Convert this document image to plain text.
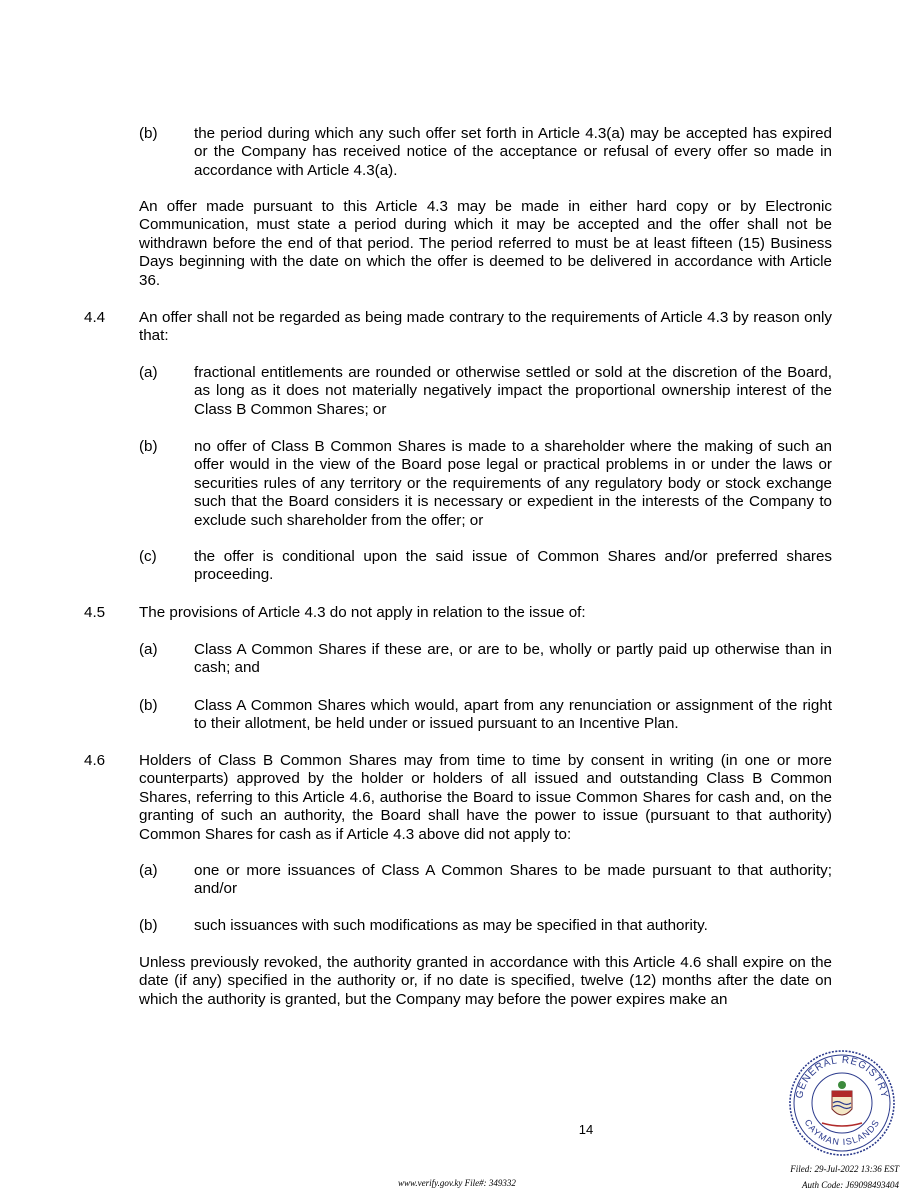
(b) the period during which any such offer set forth in Article 4.3(a) may be accepted has expired or the Company has received notice of the acceptance or refusal of every offer so made in accordance with Article 4.3(a).

An offer made pursuant to this Article 4.3 may be made in either hard copy or by Electronic Communication, must state a period during which it may be accepted and the offer shall not be withdrawn before the end of that period. The period referred to must be at least fifteen (15) Business Days beginning with the date on which the offer is deemed to be delivered in accordance with Article 36.

4.4 An offer shall not be regarded as being made contrary to the requirements of Article 4.3 by reason only that:

(a) fractional entitlements are rounded or otherwise settled or sold at the discretion of the Board, as long as it does not materially negatively impact the proportional ownership interest of the Class B Common Shares; or

(b) no offer of Class B Common Shares is made to a shareholder where the making of such an offer would in the view of the Board pose legal or practical problems in or under the laws or securities rules of any territory or the requirements of any regulatory body or stock exchange such that the Board considers it is necessary or expedient in the interests of the Company to exclude such shareholder from the offer; or

(c) the offer is conditional upon the said issue of Common Shares and/or preferred shares proceeding.

4.5 The provisions of Article 4.3 do not apply in relation to the issue of:

(a) Class A Common Shares if these are, or are to be, wholly or partly paid up otherwise than in cash; and

(b) Class A Common Shares which would, apart from any renunciation or assignment of the right to their allotment, be held under or issued pursuant to an Incentive Plan.

4.6 Holders of Class B Common Shares may from time to time by consent in writing (in one or more counterparts) approved by the holder or holders of all issued and outstanding Class B Common Shares, referring to this Article 4.6, authorise the Board to issue Common Shares for cash and, on the granting of such an authority, the Board shall have the power to issue (pursuant to that authority) Common Shares for cash as if Article 4.3 above did not apply to:

(a) one or more issuances of Class A Common Shares to be made pursuant to that authority; and/or

(b) such issuances with such modifications as may be specified in that authority.

Unless previously revoked, the authority granted in accordance with this Article 4.6 shall expire on the date (if any) specified in the authority or, if no date is specified, twelve (12) months after the date on which the authority is granted, but the Company may before the power expires make an

14
GENERAL REGISTRY
CAYMAN ISLANDS
Filed: 29-Jul-2022 13:36 EST
Auth Code: J69098493404
www.verify.gov.ky File#: 349332
